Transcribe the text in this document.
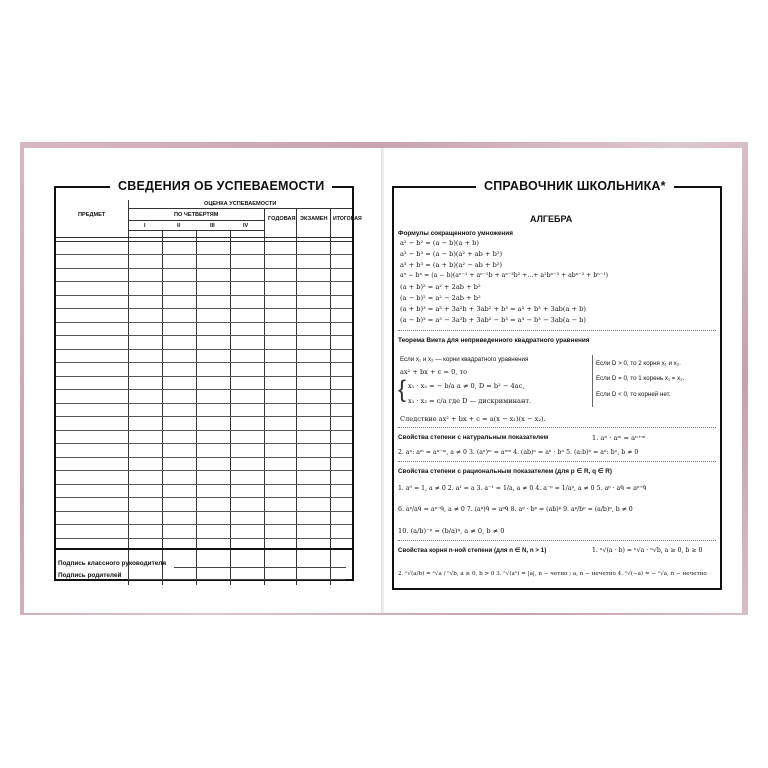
СВЕДЕНИЯ ОБ УСПЕВАЕМОСТИ
ПРЕДМЕТ
ОЦЕНКА УСПЕВАЕМОСТИ
ПО ЧЕТВЕРТЯМ
I	II	III	IV
ГОДОВАЯ ЭКЗАМЕН ИТОГОВАЯ
Подпись классного руководителя
Подпись родителей
СПРАВОЧНИК ШКОЛЬНИКА*
АЛГЕБРА
Формулы сокращенного умножения
a² − b² = (a − b)(a + b)
a³ − b³ = (a − b)(a² + ab + b²)
a³ + b³ = (a + b)(a² − ab + b²)
aⁿ − bⁿ = (a − b)(aⁿ⁻¹ + aⁿ⁻²b + aⁿ⁻³b² +...+ a²bⁿ⁻³ + abⁿ⁻² + bⁿ⁻¹)
(a + b)² = a² + 2ab + b²
(a − b)² = a² − 2ab + b²
(a + b)³ = a³ + 3a²b + 3ab² + b³ = a³ + b³ + 3ab(a + b)
(a − b)³ = a³ − 3a²b + 3ab² − b³ = a³ − b³ − 3ab(a − b)
Теорема Виета для неприведенного квадратного уравнения
Если x₁ и x₂ — корни квадратного уравнения
ax² + bx + c = 0, то
{ x₁ · x₂ = − b/a a ≠ 0, D = b² − 4ac,
x₁ · x₂ = c/a где D — дискриминант.
Следствие ax² + bx + c = a(x − x₁)(x − x₂).
Если D > 0, то 2 корня x₁ и x₂.
Если D = 0, то 1 корень x₁ = x₂.
Если D < 0, то корней нет.
Свойства степени с натуральным показателем	1. aⁿ · aᵐ = aⁿ⁺ᵐ
2. aⁿ: aᵐ = aⁿ⁻ᵐ, a ≠ 0 3. (aⁿ)ᵐ = aⁿᵐ 4. (ab)ⁿ = aⁿ · bⁿ 5. (a:b)ⁿ = aⁿ: bⁿ, b ≠ 0
Свойства степени с рациональным показателем (для p ∈ R, q ∈ R)
1. a⁰ = 1, a ≠ 0 2. a¹ = a 3. a⁻¹ = 1/a, a ≠ 0 4. a⁻ᵖ = 1/aᵖ, a ≠ 0 5. aᵖ · aᑫ = aᵖ⁺ᑫ
6. aᵖ/aᑫ = aᵖ⁻ᑫ, a ≠ 0 7. (aᵖ)ᑫ = aᵖᑫ 8. aᵖ · bᵖ = (ab)ᵖ 9. aᵖ/bᵖ = (a/b)ᵖ, b ≠ 0
10. (a/b)⁻ᵖ = (b/a)ᵖ, a ≠ 0, b ≠ 0
Свойства корня n-ной степени (для n ∈ N, n > 1)	1. ⁿ√(a · b) = ⁿ√a · ⁿ√b, a ≥ 0, b ≥ 0
2. ⁿ√(a/b) = ⁿ√a / ⁿ√b, a ≥ 0, b > 0 3. ⁿ√(aⁿ) = |a|, n − четно ; a, n − нечетно 4. ⁿ√(−a) = − ⁿ√a, n − нечетно
